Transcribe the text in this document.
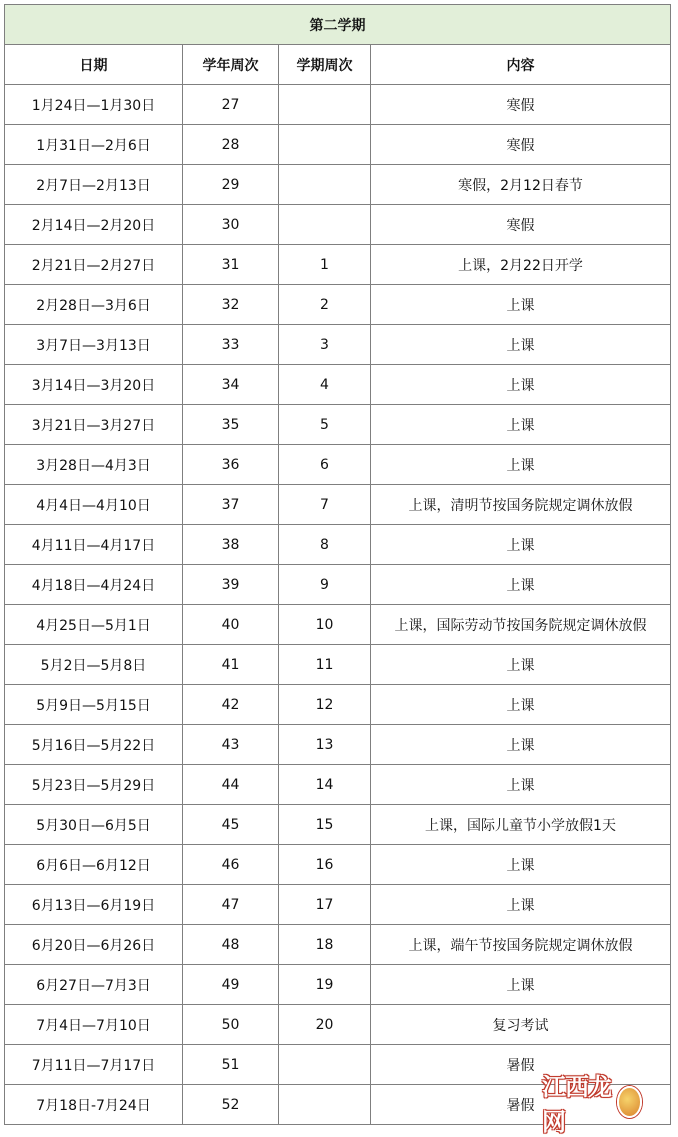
第二学期			
日期	学年周次	学期周次	内容
1月24日—1月30日	27		寒假
1月31日—2月6日	28		寒假
2月7日—2月13日	29		寒假，2月12日春节
2月14日—2月20日	30		寒假
2月21日—2月27日	31	1	上课，2月22日开学
2月28日—3月6日	32	2	上课
3月7日—3月13日	33	3	上课
3月14日—3月20日	34	4	上课
3月21日—3月27日	35	5	上课
3月28日—4月3日	36	6	上课
4月4日—4月10日	37	7	上课，清明节按国务院规定调休放假
4月11日—4月17日	38	8	上课
4月18日—4月24日	39	9	上课
4月25日—5月1日	40	10	上课，国际劳动节按国务院规定调休放假
5月2日—5月8日	41	11	上课
5月9日—5月15日	42	12	上课
5月16日—5月22日	43	13	上课
5月23日—5月29日	44	14	上课
5月30日—6月5日	45	15	上课，国际儿童节小学放假1天
6月6日—6月12日	46	16	上课
6月13日—6月19日	47	17	上课
6月20日—6月26日	48	18	上课，端午节按国务院规定调休放假
6月27日—7月3日	49	19	上课
7月4日—7月10日	50	20	复习考试
7月11日—7月17日	51		暑假
7月18日-7月24日	52		暑假
江西龙网
